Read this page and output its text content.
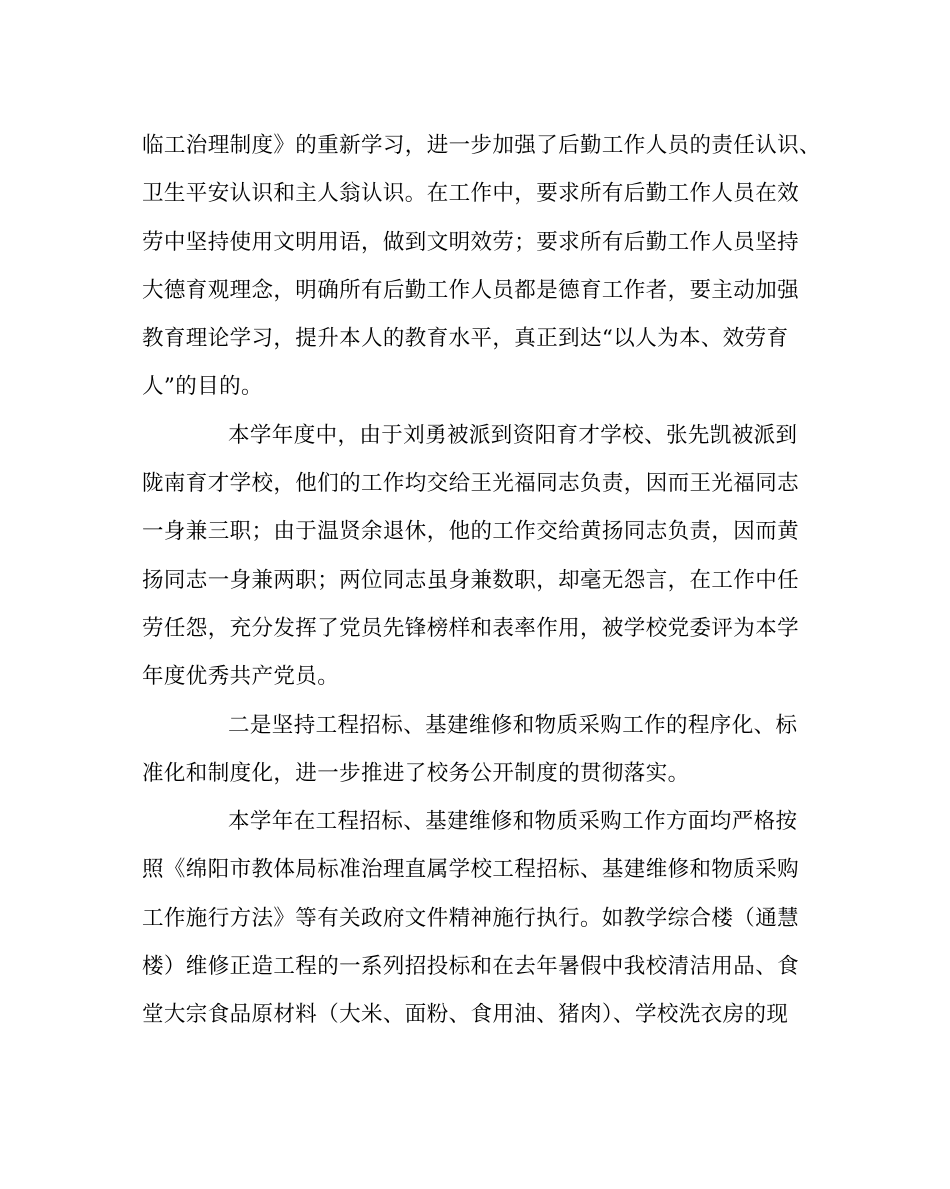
临工治理制度》的重新学习，进一步加强了后勤工作人员的责任认识、
卫生平安认识和主人翁认识。在工作中，要求所有后勤工作人员在效
劳中坚持使用文明用语，做到文明效劳；要求所有后勤工作人员坚持
大德育观理念，明确所有后勤工作人员都是德育工作者，要主动加强
教育理论学习，提升本人的教育水平，真正到达“以人为本、效劳育
人”的目的。
本学年度中，由于刘勇被派到资阳育才学校、张先凯被派到
陇南育才学校，他们的工作均交给王光福同志负责，因而王光福同志
一身兼三职；由于温贤余退休，他的工作交给黄扬同志负责，因而黄
扬同志一身兼两职；两位同志虽身兼数职，却毫无怨言，在工作中任
劳任怨，充分发挥了党员先锋榜样和表率作用，被学校党委评为本学
年度优秀共产党员。
二是坚持工程招标、基建维修和物质采购工作的程序化、标
准化和制度化，进一步推进了校务公开制度的贯彻落实。
本学年在工程招标、基建维修和物质采购工作方面均严格按
照《绵阳市教体局标准治理直属学校工程招标、基建维修和物质采购
工作施行方法》等有关政府文件精神施行执行。如教学综合楼（通慧
楼）维修正造工程的一系列招投标和在去年暑假中我校清洁用品、食
堂大宗食品原材料（大米、面粉、食用油、猪肉）、学校洗衣房的现
